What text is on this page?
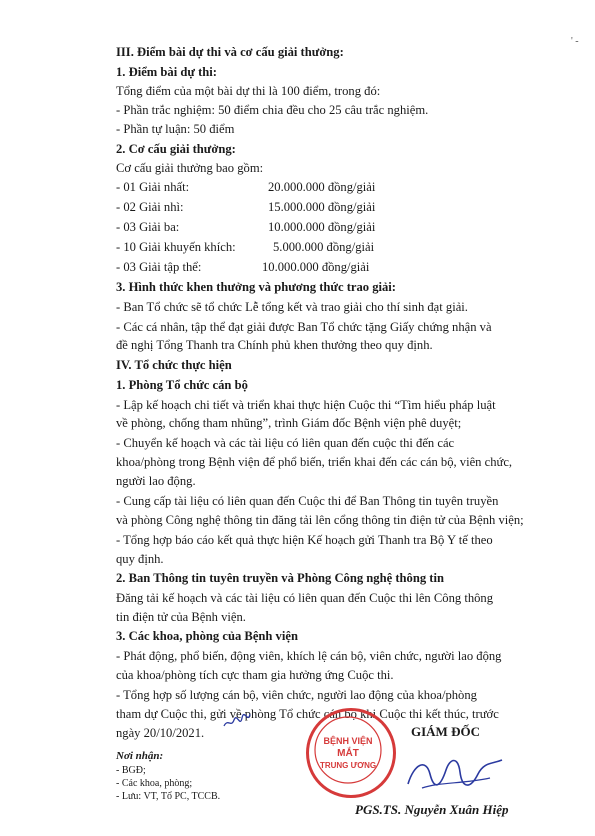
' -
III. Điểm bài dự thi và cơ cấu giải thưởng:
1. Điểm bài dự thi:
Tổng điểm của một bài dự thi là 100 điểm, trong đó:
- Phần trắc nghiệm: 50 điểm chia đều cho 25 câu trắc nghiệm.
- Phần tự luận: 50 điểm
2. Cơ cấu giải thưởng:
Cơ cấu giải thưởng bao gồm:
- 01 Giải nhất:	20.000.000 đồng/giải
- 02 Giải nhì:	15.000.000 đồng/giải
- 03 Giải ba:	10.000.000 đồng/giải
- 10 Giải khuyến khích:	5.000.000 đồng/giải
- 03 Giải tập thể:	10.000.000 đồng/giải
3. Hình thức khen thưởng và phương thức trao giải:
- Ban Tổ chức sẽ tổ chức Lễ tổng kết và trao giải cho thí sinh đạt giải.
- Các cá nhân, tập thể đạt giải được Ban Tổ chức tặng Giấy chứng nhận và
đề nghị Tổng Thanh tra Chính phủ khen thưởng theo quy định.
IV. Tổ chức thực hiện
1. Phòng Tổ chức cán bộ
- Lập kế hoạch chi tiết và triển khai thực hiện Cuộc thi “Tìm hiểu pháp luật
về phòng, chống tham nhũng”, trình Giám đốc Bệnh viện phê duyệt;
- Chuyển kế hoạch và các tài liệu có liên quan đến cuộc thi đến các
khoa/phòng trong Bệnh viện để phổ biến, triển khai đến các cán bộ, viên chức,
người lao động.
- Cung cấp tài liệu có liên quan đến Cuộc thi để Ban Thông tin tuyên truyền
và phòng Công nghệ thông tin đăng tải lên cổng thông tin điện tử của Bệnh viện;
- Tổng hợp báo cáo kết quả thực hiện Kế hoạch gửi Thanh tra Bộ Y tế theo
quy định.
2. Ban Thông tin tuyên truyền và Phòng Công nghệ thông tin
Đăng tải kế hoạch và các tài liệu có liên quan đến Cuộc thi lên Công thông
tin điện tử của Bệnh viện.
3. Các khoa, phòng của Bệnh viện
- Phát động, phổ biến, động viên, khích lệ cán bộ, viên chức, người lao động
của khoa/phòng tích cực tham gia hưởng ứng Cuộc thi.
- Tổng hợp số lượng cán bộ, viên chức, người lao động của khoa/phòng
tham dự Cuộc thi, gửi về phòng Tổ chức cán bộ khi Cuộc thi kết thúc, trước
ngày 20/10/2021.
Nơi nhận:
- BGĐ;
- Các khoa, phòng;
- Lưu: VT, Tổ PC, TCCB.
GIÁM ĐỐC
BỆNH VIỆN
MẮT
TRUNG ƯƠNG
PGS.TS. Nguyễn Xuân Hiệp
